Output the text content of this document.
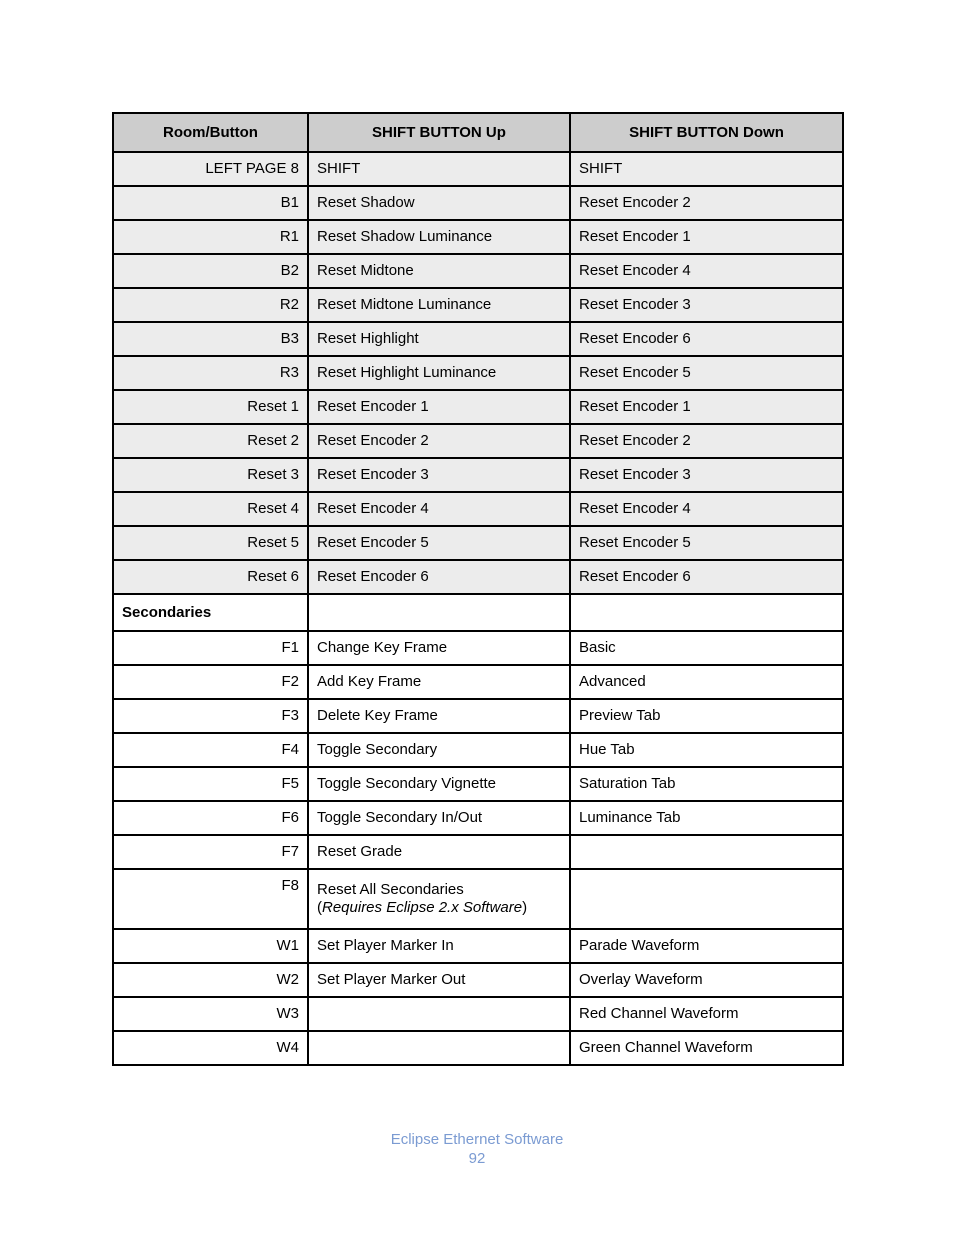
Room/Button	SHIFT BUTTON Up	SHIFT BUTTON Down
LEFT PAGE 8	SHIFT	SHIFT
B1	Reset Shadow	Reset Encoder 2
R1	Reset Shadow Luminance	Reset Encoder 1
B2	Reset Midtone	Reset Encoder 4
R2	Reset Midtone Luminance	Reset Encoder 3
B3	Reset Highlight	Reset Encoder 6
R3	Reset Highlight Luminance	Reset Encoder 5
Reset 1	Reset Encoder 1	Reset Encoder 1
Reset 2	Reset Encoder 2	Reset Encoder 2
Reset 3	Reset Encoder 3	Reset Encoder 3
Reset 4	Reset Encoder 4	Reset Encoder 4
Reset 5	Reset Encoder 5	Reset Encoder 5
Reset 6	Reset Encoder 6	Reset Encoder 6
Secondaries		
F1	Change Key Frame	Basic
F2	Add Key Frame	Advanced
F3	Delete Key Frame	Preview Tab
F4	Toggle Secondary	Hue Tab
F5	Toggle Secondary Vignette	Saturation Tab
F6	Toggle Secondary In/Out	Luminance Tab
F7	Reset Grade	
F8	Reset All Secondaries
(Requires Eclipse 2.x Software)	
W1	Set Player Marker In	Parade Waveform
W2	Set Player Marker Out	Overlay Waveform
W3		Red Channel Waveform
W4		Green Channel Waveform
Eclipse Ethernet Software
92
